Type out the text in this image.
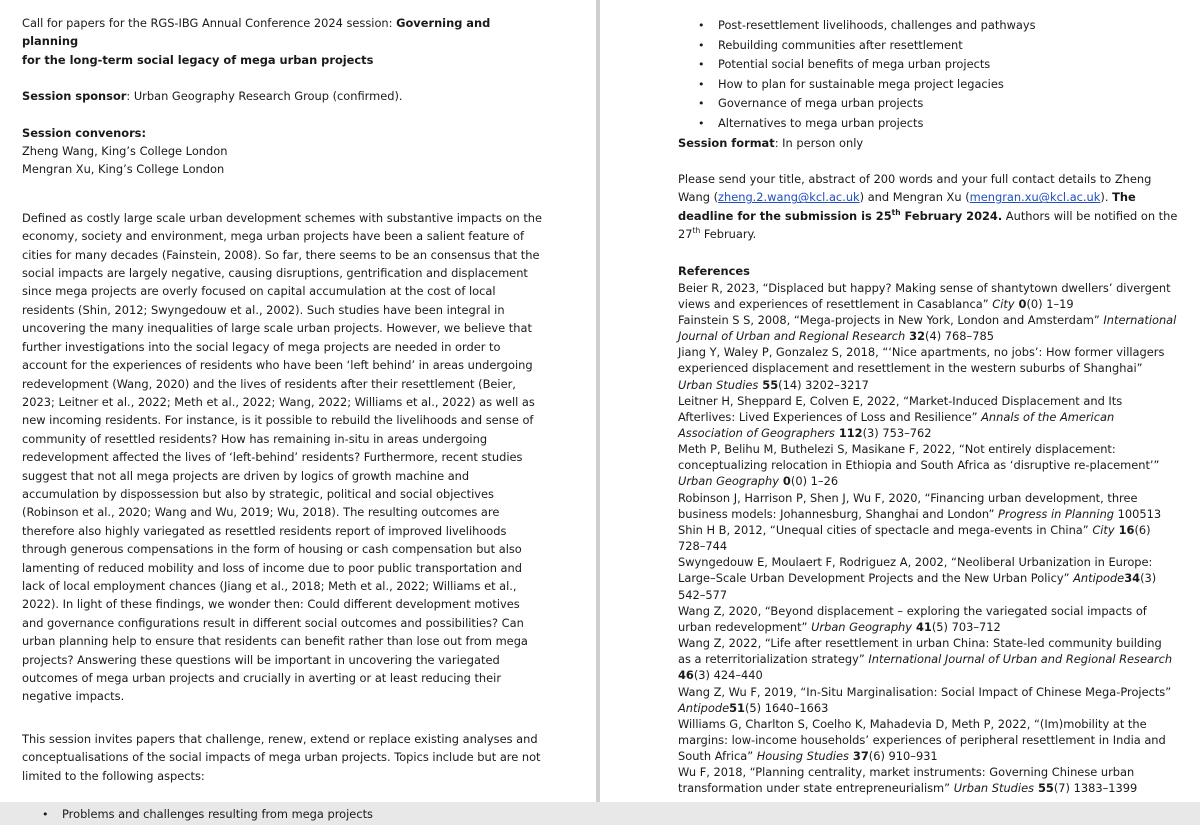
Call for papers for the RGS-IBG Annual Conference 2024 session: Governing and planning
for the long-term social legacy of mega urban projects

Session sponsor: Urban Geography Research Group (confirmed).

Session convenors:

Zheng Wang, King’s College London

Mengran Xu, King’s College London

Defined as costly large scale urban development schemes with substantive impacts on the economy, society and environment, mega urban projects have been a salient feature of cities for many decades (Fainstein, 2008). So far, there seems to be an consensus that the social impacts are largely negative, causing disruptions, gentrification and displacement since mega projects are overly focused on capital accumulation at the cost of local residents (Shin, 2012; Swyngedouw et al., 2002). Such studies have been integral in uncovering the many inequalities of large scale urban projects. However, we believe that further investigations into the social legacy of mega projects are needed in order to account for the experiences of residents who have been ‘left behind’ in areas undergoing redevelopment (Wang, 2020) and the lives of residents after their resettlement (Beier, 2023; Leitner et al., 2022; Meth et al., 2022; Wang, 2022; Williams et al., 2022) as well as new incoming residents. For instance, is it possible to rebuild the livelihoods and sense of community of resettled residents? How has remaining in-situ in areas undergoing redevelopment affected the lives of ‘left-behind’ residents? Furthermore, recent studies suggest that not all mega projects are driven by logics of growth machine and accumulation by dispossession but also by strategic, political and social objectives (Robinson et al., 2020; Wang and Wu, 2019; Wu, 2018). The resulting outcomes are therefore also highly variegated as resettled residents report of improved livelihoods through generous compensations in the form of housing or cash compensation but also lamenting of reduced mobility and loss of income due to poor public transportation and lack of local employment chances (Jiang et al., 2018; Meth et al., 2022; Williams et al., 2022). In light of these findings, we wonder then: Could different development motives and governance configurations result in different social outcomes and possibilities? Can urban planning help to ensure that residents can benefit rather than lose out from mega projects? Answering these questions will be important in uncovering the variegated outcomes of mega urban projects and crucially in averting or at least reducing their negative impacts.

This session invites papers that challenge, renew, extend or replace existing analyses and conceptualisations of the social impacts of mega urban projects. Topics include but are not limited to the following aspects:

• Problems and challenges resulting from mega projects
• Post-resettlement livelihoods, challenges and pathways
• Rebuilding communities after resettlement
• Potential social benefits of mega urban projects
• How to plan for sustainable mega project legacies
• Governance of mega urban projects
• Alternatives to mega urban projects

Session format: In person only

Please send your title, abstract of 200 words and your full contact details to Zheng Wang (zheng.2.wang@kcl.ac.uk) and Mengran Xu (mengran.xu@kcl.ac.uk). The deadline for the submission is 25th February 2024. Authors will be notified on the 27th February.

References

Beier R, 2023, “Displaced but happy? Making sense of shantytown dwellers’ divergent views and experiences of resettlement in Casablanca” City 0(0) 1–19

Fainstein S S, 2008, “Mega-projects in New York, London and Amsterdam” International Journal of Urban and Regional Research 32(4) 768–785

Jiang Y, Waley P, Gonzalez S, 2018, “‘Nice apartments, no jobs’: How former villagers experienced displacement and resettlement in the western suburbs of Shanghai” Urban Studies 55(14) 3202–3217

Leitner H, Sheppard E, Colven E, 2022, “Market-Induced Displacement and Its Afterlives: Lived Experiences of Loss and Resilience” Annals of the American Association of Geographers 112(3) 753–762

Meth P, Belihu M, Buthelezi S, Masikane F, 2022, “Not entirely displacement: conceptualizing relocation in Ethiopia and South Africa as ‘disruptive re-placement’” Urban Geography 0(0) 1–26

Robinson J, Harrison P, Shen J, Wu F, 2020, “Financing urban development, three business models: Johannesburg, Shanghai and London” Progress in Planning 100513

Shin H B, 2012, “Unequal cities of spectacle and mega-events in China” City 16(6) 728–744

Swyngedouw E, Moulaert F, Rodriguez A, 2002, “Neoliberal Urbanization in Europe: Large–Scale Urban Development Projects and the New Urban Policy” Antipode34(3) 542–577

Wang Z, 2020, “Beyond displacement – exploring the variegated social impacts of urban redevelopment” Urban Geography 41(5) 703–712

Wang Z, 2022, “Life after resettlement in urban China: State-led community building as a reterritorialization strategy” International Journal of Urban and Regional Research 46(3) 424–440

Wang Z, Wu F, 2019, “In-Situ Marginalisation: Social Impact of Chinese Mega-Projects” Antipode51(5) 1640–1663

Williams G, Charlton S, Coelho K, Mahadevia D, Meth P, 2022, “(Im)mobility at the margins: low-income households’ experiences of peripheral resettlement in India and South Africa” Housing Studies 37(6) 910–931

Wu F, 2018, “Planning centrality, market instruments: Governing Chinese urban transformation under state entrepreneurialism” Urban Studies 55(7) 1383–1399
